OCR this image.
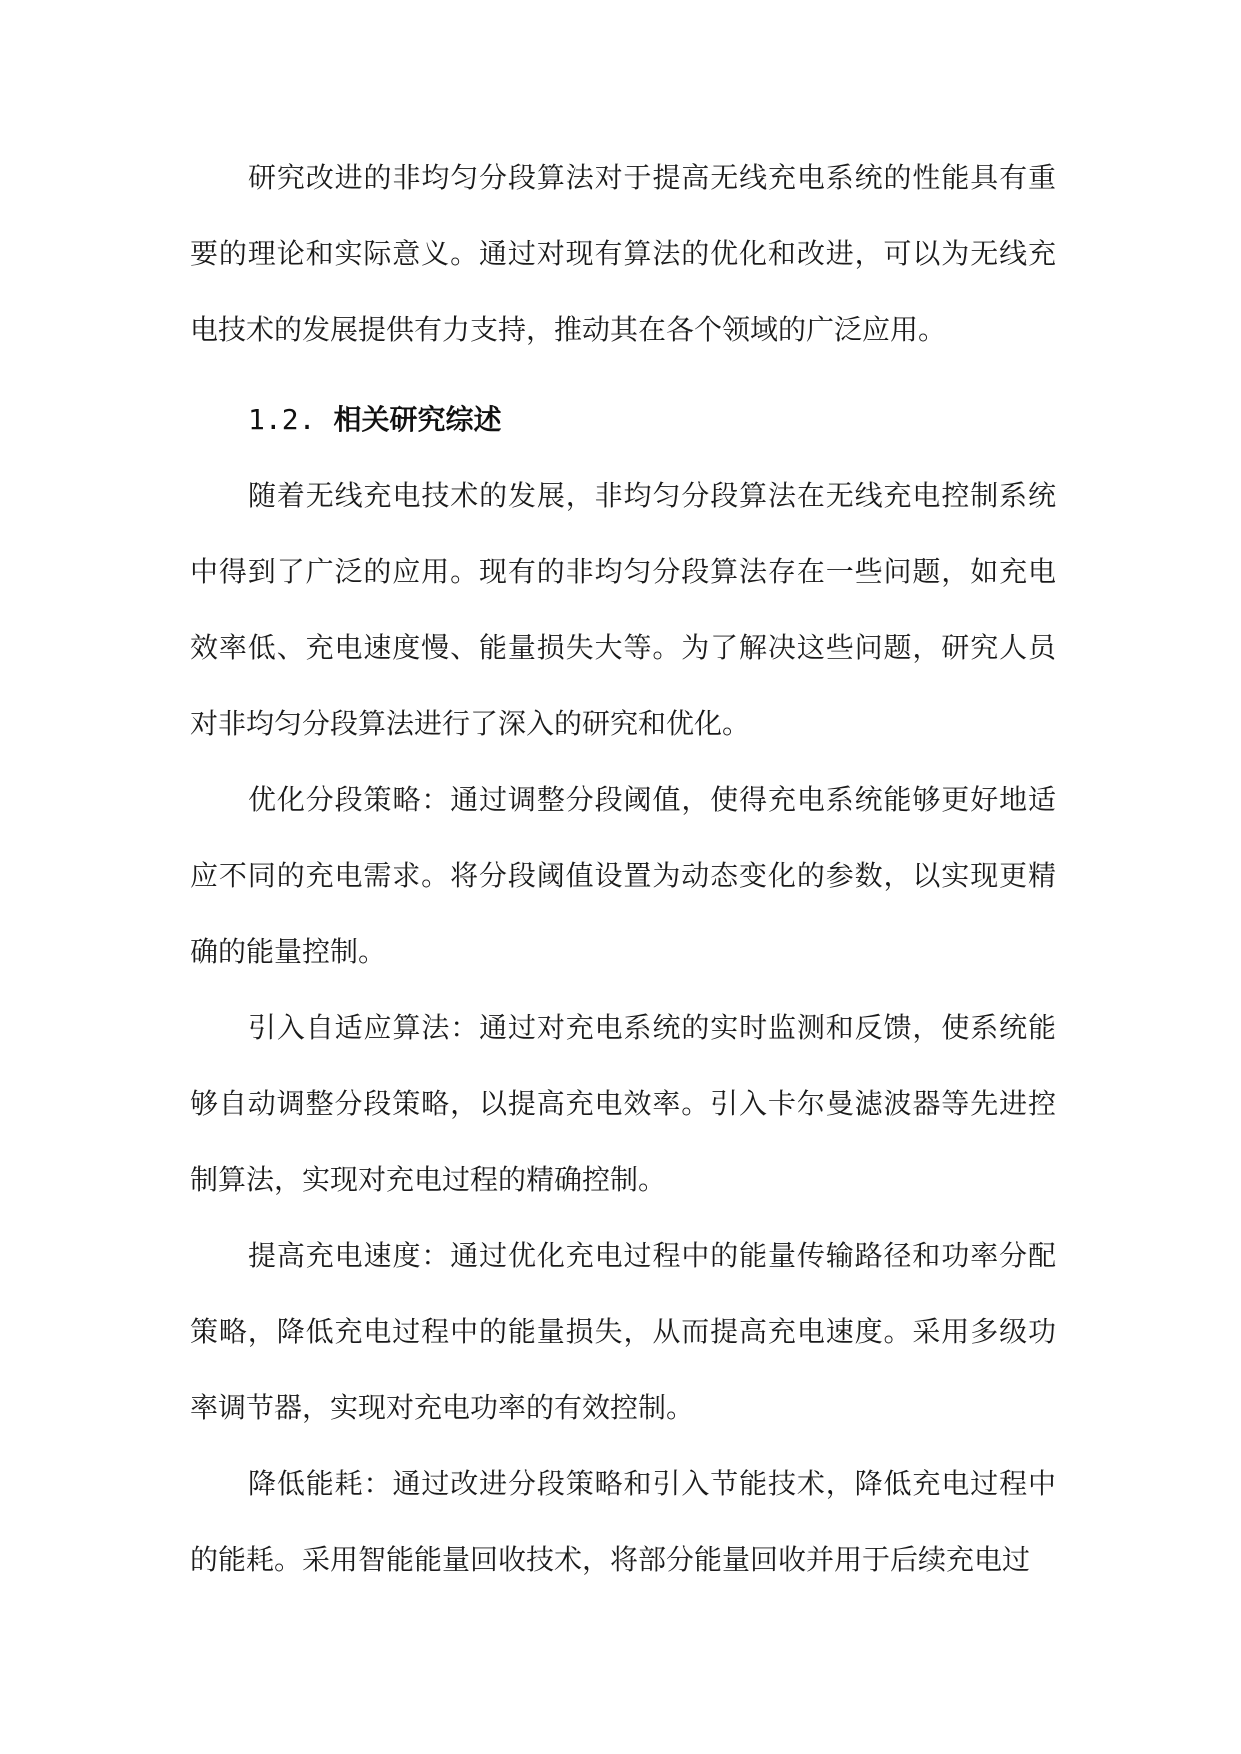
研究改进的非均匀分段算法对于提高无线充电系统的性能具有重要的理论和实际意义。通过对现有算法的优化和改进，可以为无线充电技术的发展提供有力支持，推动其在各个领域的广泛应用。

1.2. 相关研究综述

随着无线充电技术的发展，非均匀分段算法在无线充电控制系统中得到了广泛的应用。现有的非均匀分段算法存在一些问题，如充电效率低、充电速度慢、能量损失大等。为了解决这些问题，研究人员对非均匀分段算法进行了深入的研究和优化。

优化分段策略：通过调整分段阈值，使得充电系统能够更好地适应不同的充电需求。将分段阈值设置为动态变化的参数，以实现更精确的能量控制。

引入自适应算法：通过对充电系统的实时监测和反馈，使系统能够自动调整分段策略，以提高充电效率。引入卡尔曼滤波器等先进控制算法，实现对充电过程的精确控制。

提高充电速度：通过优化充电过程中的能量传输路径和功率分配策略，降低充电过程中的能量损失，从而提高充电速度。采用多级功率调节器，实现对充电功率的有效控制。

降低能耗：通过改进分段策略和引入节能技术，降低充电过程中的能耗。采用智能能量回收技术，将部分能量回收并用于后续充电过
